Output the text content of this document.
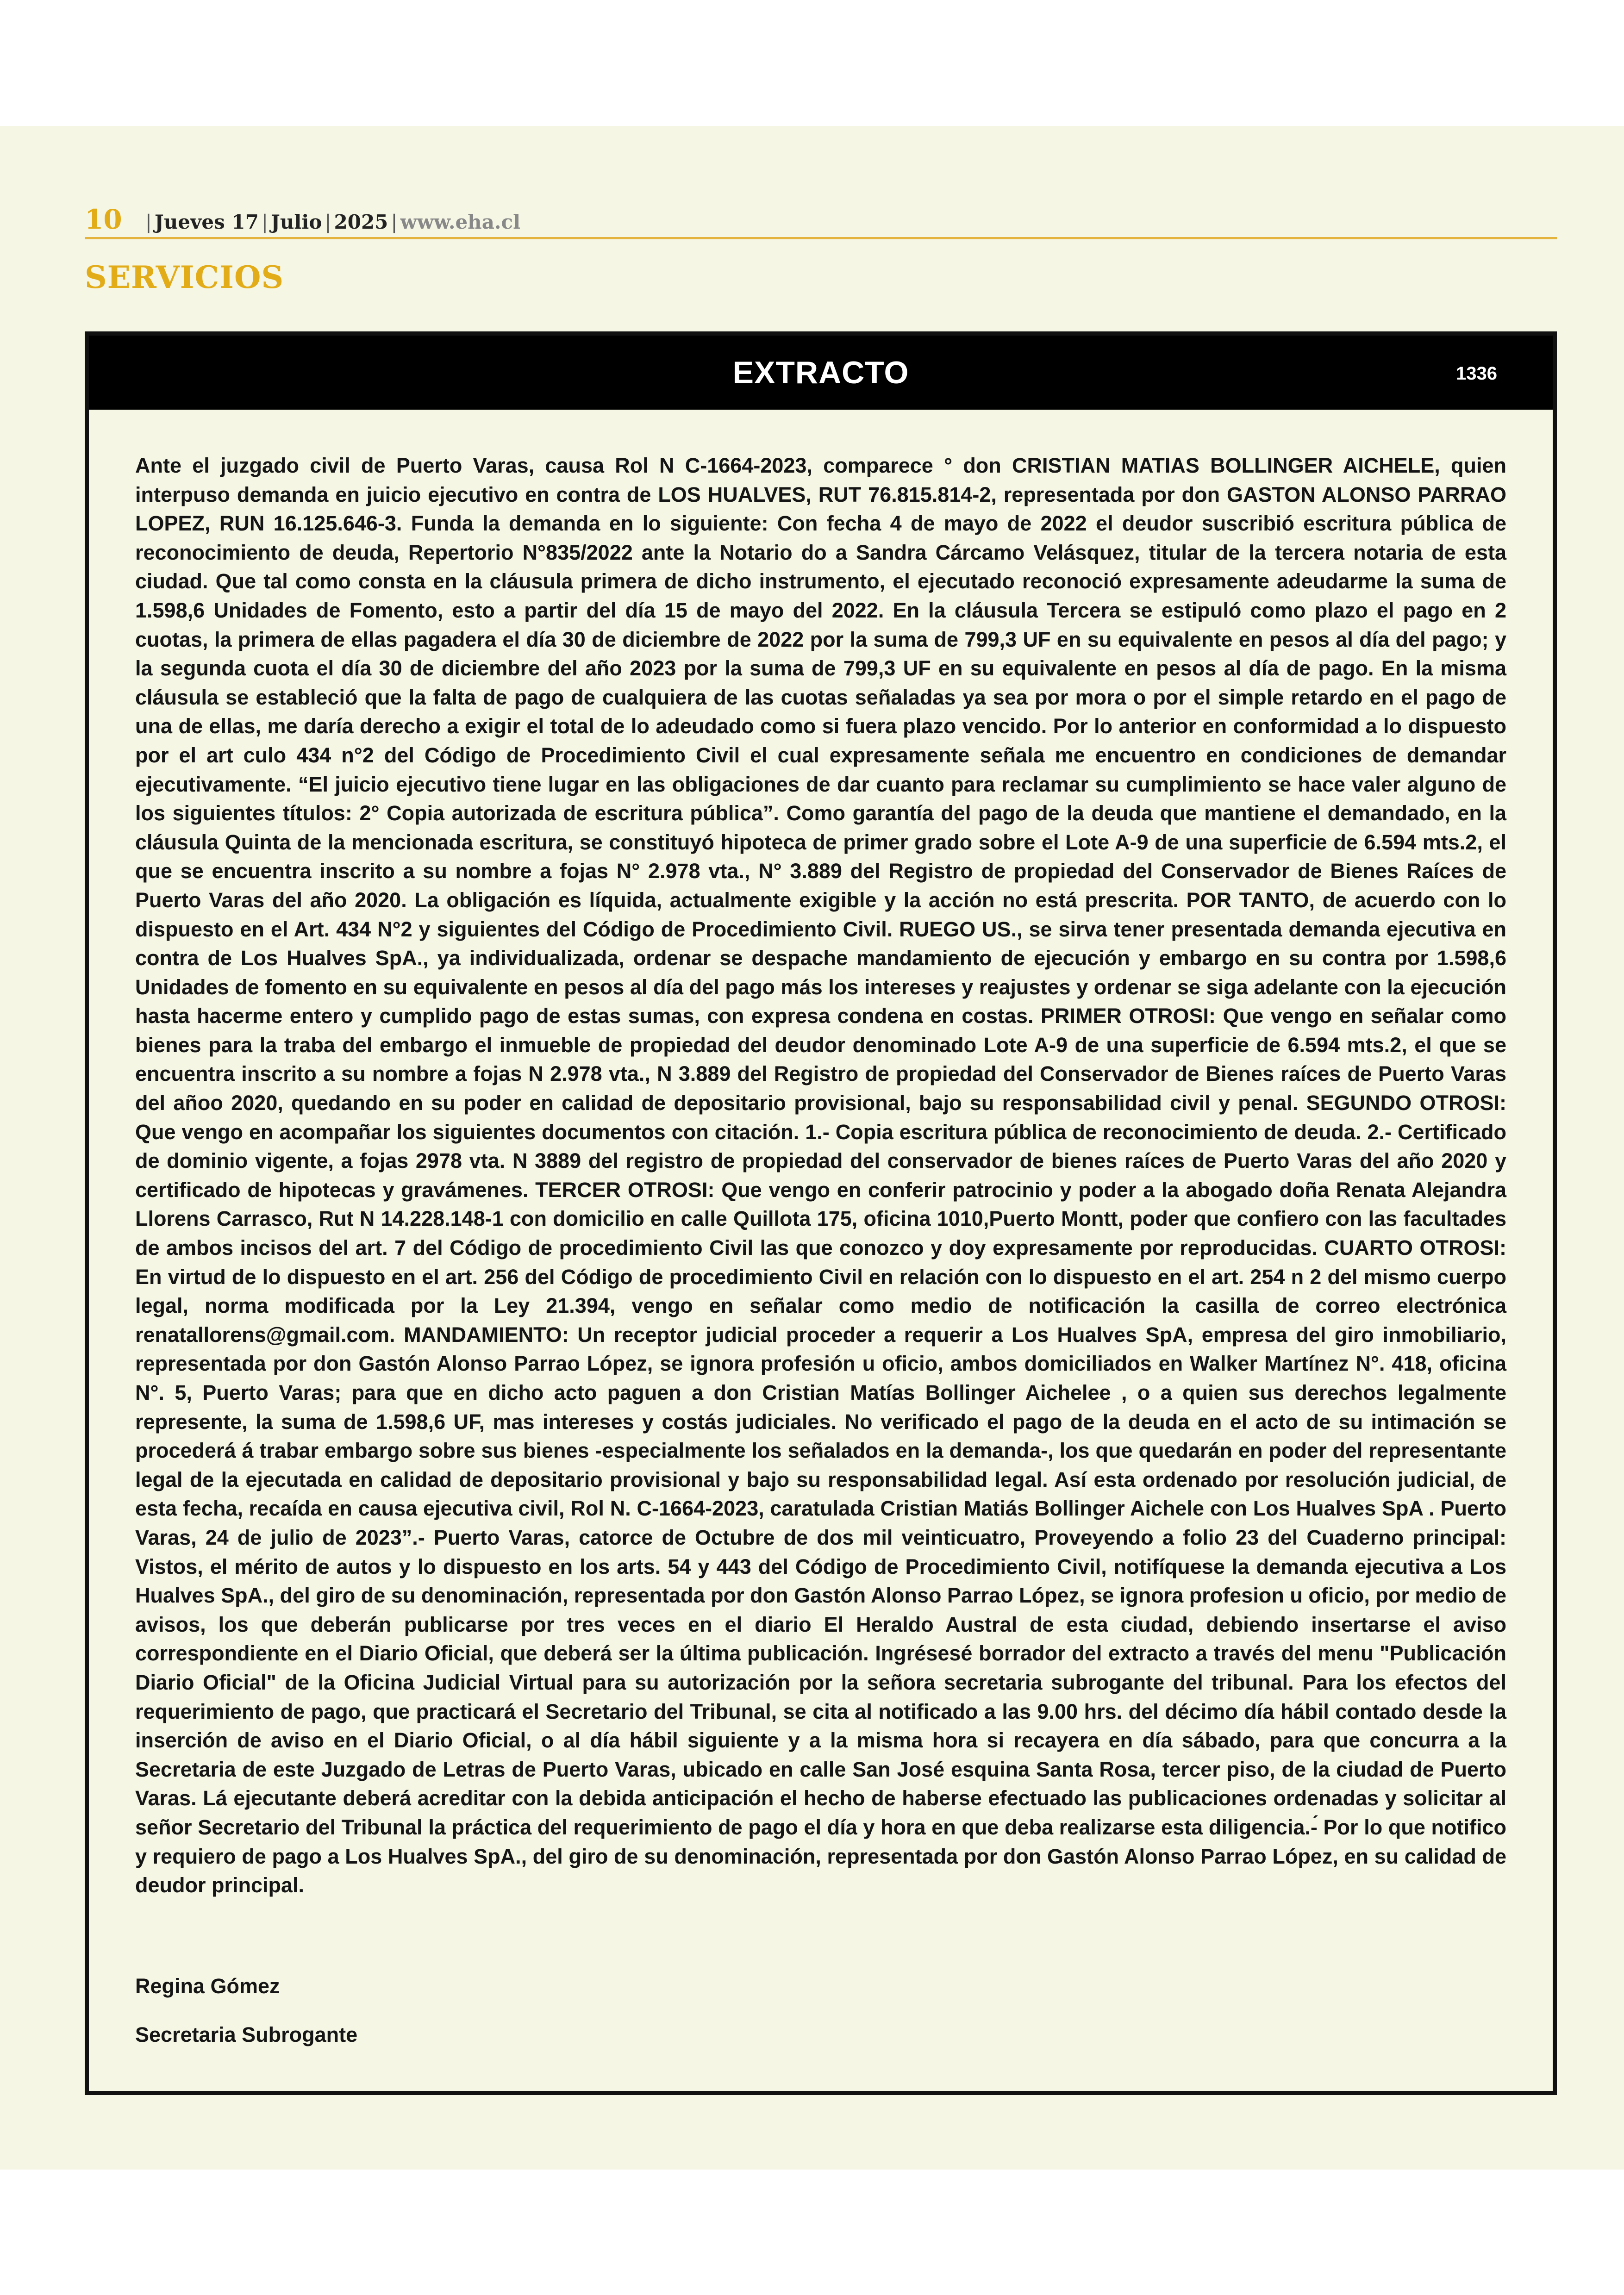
10 | Jueves 17 | Julio | 2025 | www.eha.cl
SERVICIOS
EXTRACTO	1336
Ante el juzgado civil de Puerto Varas, causa Rol N C-1664-2023, comparece ° don CRISTIAN MATIAS BOLLINGER AICHELE, quien interpuso demanda en juicio ejecutivo en contra de LOS HUALVES, RUT 76.815.814-2, representada por don GASTON ALONSO PARRAO LOPEZ, RUN 16.125.646-3. Funda la demanda en lo siguiente: Con fecha 4 de mayo de 2022 el deudor suscribió escritura pública de reconocimiento de deuda, Repertorio N°835/2022 ante la Notario do a Sandra Cárcamo Velásquez, titular de la tercera notaria de esta ciudad. Que tal como consta en la cláusula primera de dicho instrumento, el ejecutado reconoció expresamente adeudarme la suma de 1.598,6 Unidades de Fomento, esto a partir del día 15 de mayo del 2022. En la cláusula Tercera se estipuló como plazo el pago en 2 cuotas, la primera de ellas pagadera el día 30 de diciembre de 2022 por la suma de 799,3 UF en su equivalente en pesos al día del pago; y la segunda cuota el día 30 de diciembre del año 2023 por la suma de 799,3 UF en su equivalente en pesos al día de pago. En la misma cláusula se estableció que la falta de pago de cualquiera de las cuotas señaladas ya sea por mora o por el simple retardo en el pago de una de ellas, me daría derecho a exigir el total de lo adeudado como si fuera plazo vencido. Por lo anterior en conformidad a lo dispuesto por el art culo 434 n°2 del Código de Procedimiento Civil el cual expresamente señala me encuentro en condiciones de demandar ejecutivamente. “El juicio ejecutivo tiene lugar en las obligaciones de dar cuanto para reclamar su cumplimiento se hace valer alguno de los siguientes títulos: 2° Copia autorizada de escritura pública”. Como garantía del pago de la deuda que mantiene el demandado, en la cláusula Quinta de la mencionada escritura, se constituyó hipoteca de primer grado sobre el Lote A-9 de una superficie de 6.594 mts.2, el que se encuentra inscrito a su nombre a fojas N° 2.978 vta., N° 3.889 del Registro de propiedad del Conservador de Bienes Raíces de Puerto Varas del año 2020. La obligación es líquida, actualmente exigible y la acción no está prescrita. POR TANTO, de acuerdo con lo dispuesto en el Art. 434 N°2 y siguientes del Código de Procedimiento Civil. RUEGO US., se sirva tener presentada demanda ejecutiva en contra de Los Hualves SpA., ya individualizada, ordenar se despache mandamiento de ejecución y embargo en su contra por 1.598,6 Unidades de fomento en su equivalente en pesos al día del pago más los intereses y reajustes y ordenar se siga adelante con la ejecución hasta hacerme entero y cumplido pago de estas sumas, con expresa condena en costas. PRIMER OTROSI: Que vengo en señalar como bienes para la traba del embargo el inmueble de propiedad del deudor denominado Lote A-9 de una superficie de 6.594 mts.2, el que se encuentra inscrito a su nombre a fojas N 2.978 vta., N 3.889 del Registro de propiedad del Conservador de Bienes raíces de Puerto Varas del añoo 2020, quedando en su poder en calidad de depositario provisional, bajo su responsabilidad civil y penal. SEGUNDO OTROSI: Que vengo en acompañar los siguientes documentos con citación. 1.- Copia escritura pública de reconocimiento de deuda. 2.- Certificado de dominio vigente, a fojas 2978 vta. N 3889 del registro de propiedad del conservador de bienes raíces de Puerto Varas del año 2020 y certificado de hipotecas y gravámenes. TERCER OTROSI: Que vengo en conferir patrocinio y poder a la abogado doña Renata Alejandra Llorens Carrasco, Rut N 14.228.148-1 con domicilio en calle Quillota 175, oficina 1010,Puerto Montt, poder que confiero con las facultades de ambos incisos del art. 7 del Código de procedimiento Civil las que conozco y doy expresamente por reproducidas. CUARTO OTROSI: En virtud de lo dispuesto en el art. 256 del Código de procedimiento Civil en relación con lo dispuesto en el art. 254 n 2 del mismo cuerpo legal, norma modificada por la Ley 21.394, vengo en señalar como medio de notificación la casilla de correo electrónica renatallorens@gmail.com. MANDAMIENTO: Un receptor judicial proceder a requerir a Los Hualves SpA, empresa del giro inmobiliario, representada por don Gastón Alonso Parrao López, se ignora profesión u oficio, ambos domiciliados en Walker Martínez N°. 418, oficina N°. 5, Puerto Varas; para que en dicho acto paguen a don Cristian Matías Bollinger Aichelee , o a quien sus derechos legalmente represente, la suma de 1.598,6 UF, mas intereses y costás judiciales. No verificado el pago de la deuda en el acto de su intimación se procederá á trabar embargo sobre sus bienes -especialmente los señalados en la demanda-, los que quedarán en poder del representante legal de la ejecutada en calidad de depositario provisional y bajo su responsabilidad legal. Así esta ordenado por resolución judicial, de esta fecha, recaída en causa ejecutiva civil, Rol N. C-1664-2023, caratulada Cristian Matiás Bollinger Aichele con Los Hualves SpA . Puerto Varas, 24 de julio de 2023”.- Puerto Varas, catorce de Octubre de dos mil veinticuatro, Proveyendo a folio 23 del Cuaderno principal: Vistos, el mérito de autos y lo dispuesto en los arts. 54 y 443 del Código de Procedimiento Civil, notifíquese la demanda ejecutiva a Los Hualves SpA., del giro de su denominación, representada por don Gastón Alonso Parrao López, se ignora profesion u oficio, por medio de avisos, los que deberán publicarse por tres veces en el diario El Heraldo Austral de esta ciudad, debiendo insertarse el aviso correspondiente en el Diario Oficial, que deberá ser la última publicación. Ingrésesé borrador del extracto a través del menu "Publicación Diario Oficial" de la Oficina Judicial Virtual para su autorización por la señora secretaria subrogante del tribunal. Para los efectos del requerimiento de pago, que practicará el Secretario del Tribunal, se cita al notificado a las 9.00 hrs. del décimo día hábil contado desde la inserción de aviso en el Diario Oficial, o al día hábil siguiente y a la misma hora si recayera en día sábado, para que concurra a la Secretaria de este Juzgado de Letras de Puerto Varas, ubicado en calle San José esquina Santa Rosa, tercer piso, de la ciudad de Puerto Varas. Lá ejecutante deberá acreditar con la debida anticipación el hecho de haberse efectuado las publicaciones ordenadas y solicitar al señor Secretario del Tribunal la práctica del requerimiento de pago el día y hora en que deba realizarse esta diligencia.-́ Por lo que notifico y requiero de pago a Los Hualves SpA., del giro de su denominación, representada por don Gastón Alonso Parrao López, en su calidad de deudor principal.
Regina Gómez
Secretaria Subrogante
